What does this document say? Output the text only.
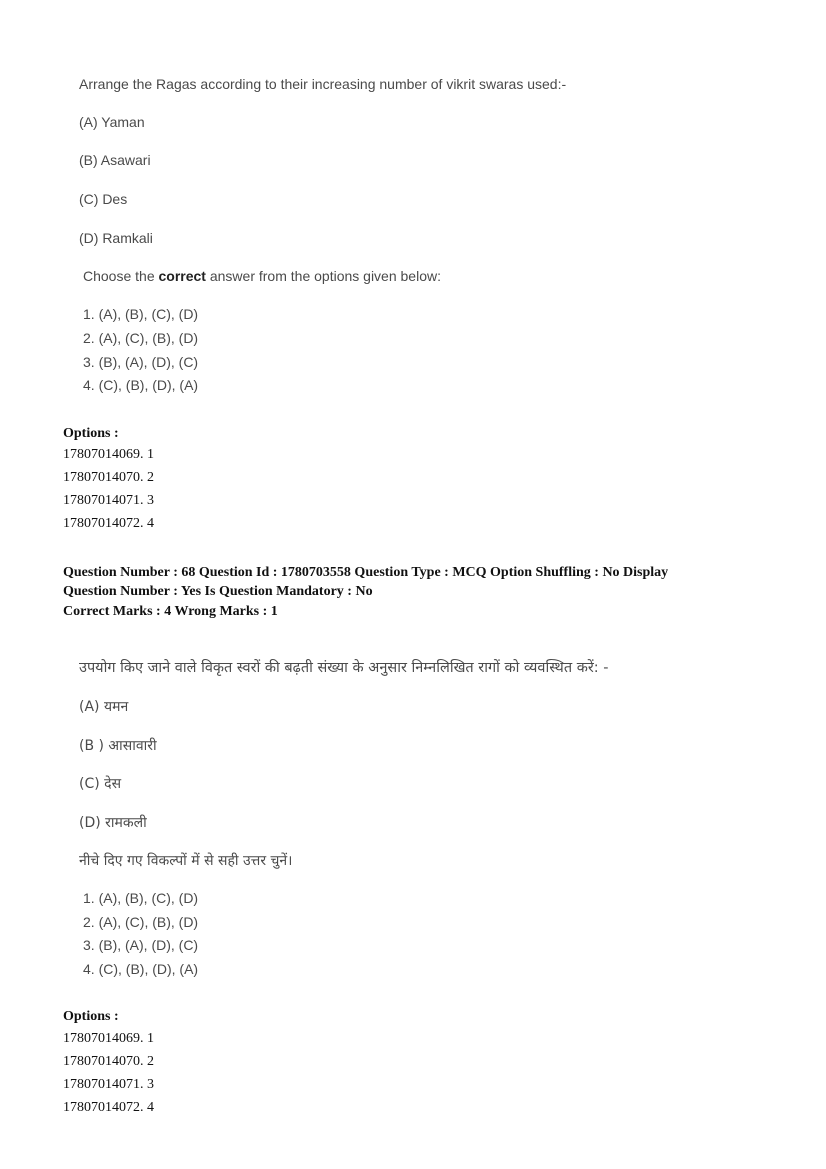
Arrange the Ragas according to their increasing number of vikrit swaras used:-
(A) Yaman
(B) Asawari
(C) Des
(D) Ramkali
Choose the correct answer from the options given below:
1. (A), (B), (C), (D)
2. (A), (C), (B), (D)
3. (B), (A), (D), (C)
4. (C), (B), (D), (A)
Options :
17807014069. 1
17807014070. 2
17807014071. 3
17807014072. 4
Question Number : 68 Question Id : 1780703558 Question Type : MCQ Option Shuffling : No Display
Question Number : Yes Is Question Mandatory : No
Correct Marks : 4 Wrong Marks : 1
उपयोग किए जाने वाले विकृत स्वरों की बढ़ती संख्या के अनुसार निम्नलिखित रागों को व्यवस्थित करें: -
(A) यमन
(B ) आसावारी
(C) देस
(D) रामकली
नीचे दिए गए विकल्पों में से सही उत्तर चुनें।
1. (A), (B), (C), (D)
2. (A), (C), (B), (D)
3. (B), (A), (D), (C)
4. (C), (B), (D), (A)
Options :
17807014069. 1
17807014070. 2
17807014071. 3
17807014072. 4
